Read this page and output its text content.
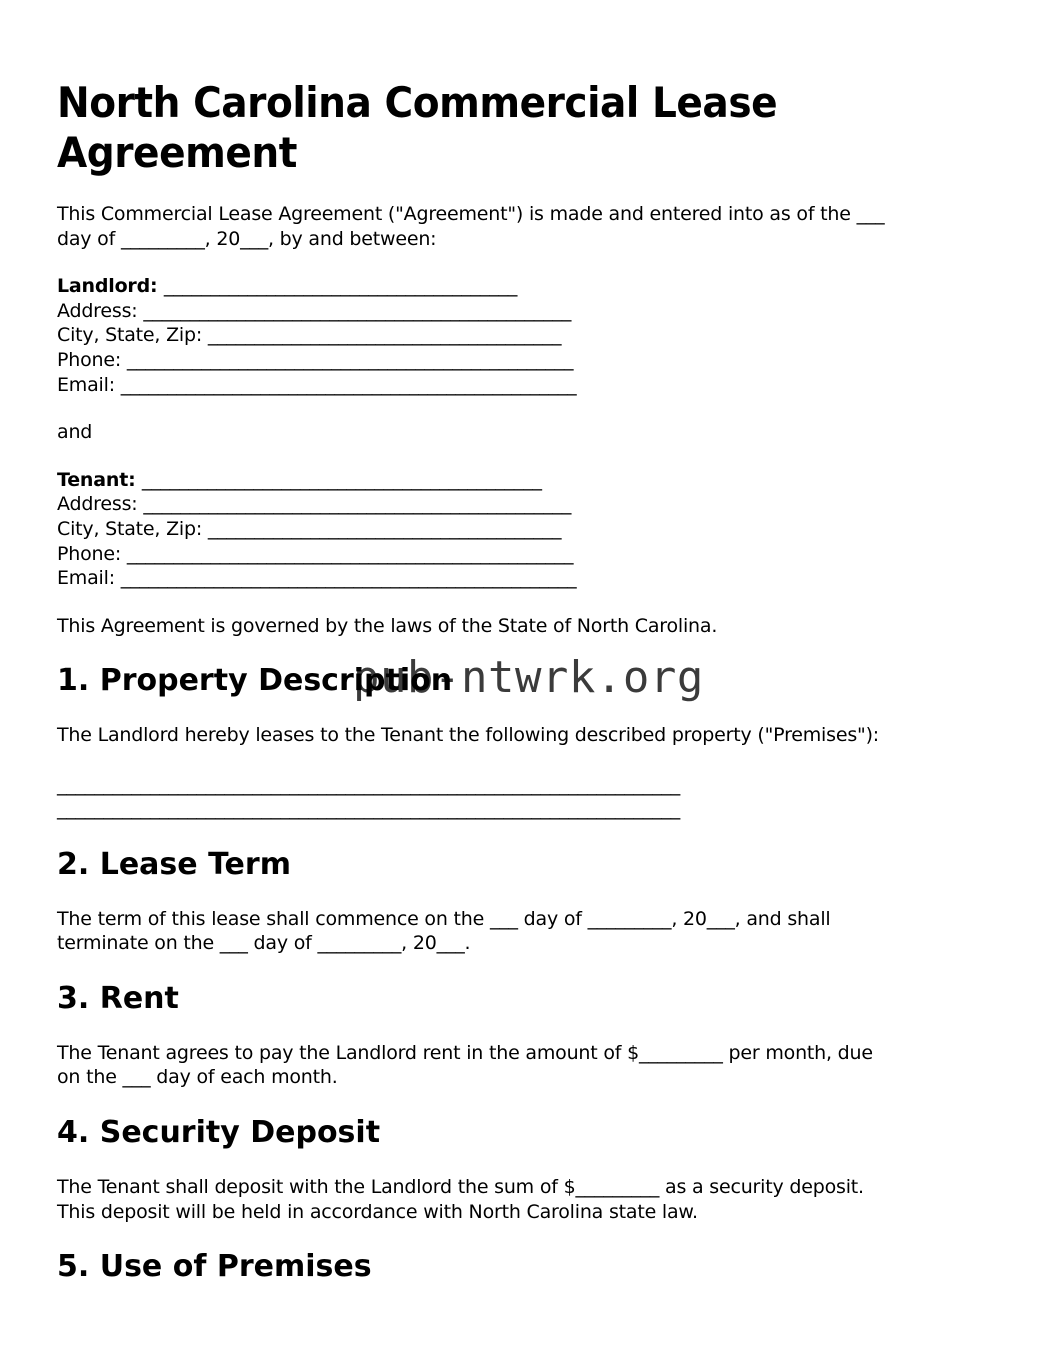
pub-ntwrk.org
North Carolina Commercial Lease
Agreement
This Commercial Lease Agreement ("Agreement") is made and entered into as of the ___
day of _________, 20___, by and between:
Landlord: ______________________________________
Address: ______________________________________________
City, State, Zip: ______________________________________
Phone: ________________________________________________
Email: _________________________________________________
and
Tenant: ___________________________________________
Address: ______________________________________________
City, State, Zip: ______________________________________
Phone: ________________________________________________
Email: _________________________________________________
This Agreement is governed by the laws of the State of North Carolina.
1. Property Description
The Landlord hereby leases to the Tenant the following described property ("Premises"):
___________________________________________________________________
___________________________________________________________________
2. Lease Term
The term of this lease shall commence on the ___ day of _________, 20___, and shall
terminate on the ___ day of _________, 20___.
3. Rent
The Tenant agrees to pay the Landlord rent in the amount of $_________ per month, due
on the ___ day of each month.
4. Security Deposit
The Tenant shall deposit with the Landlord the sum of $_________ as a security deposit.
This deposit will be held in accordance with North Carolina state law.
5. Use of Premises
